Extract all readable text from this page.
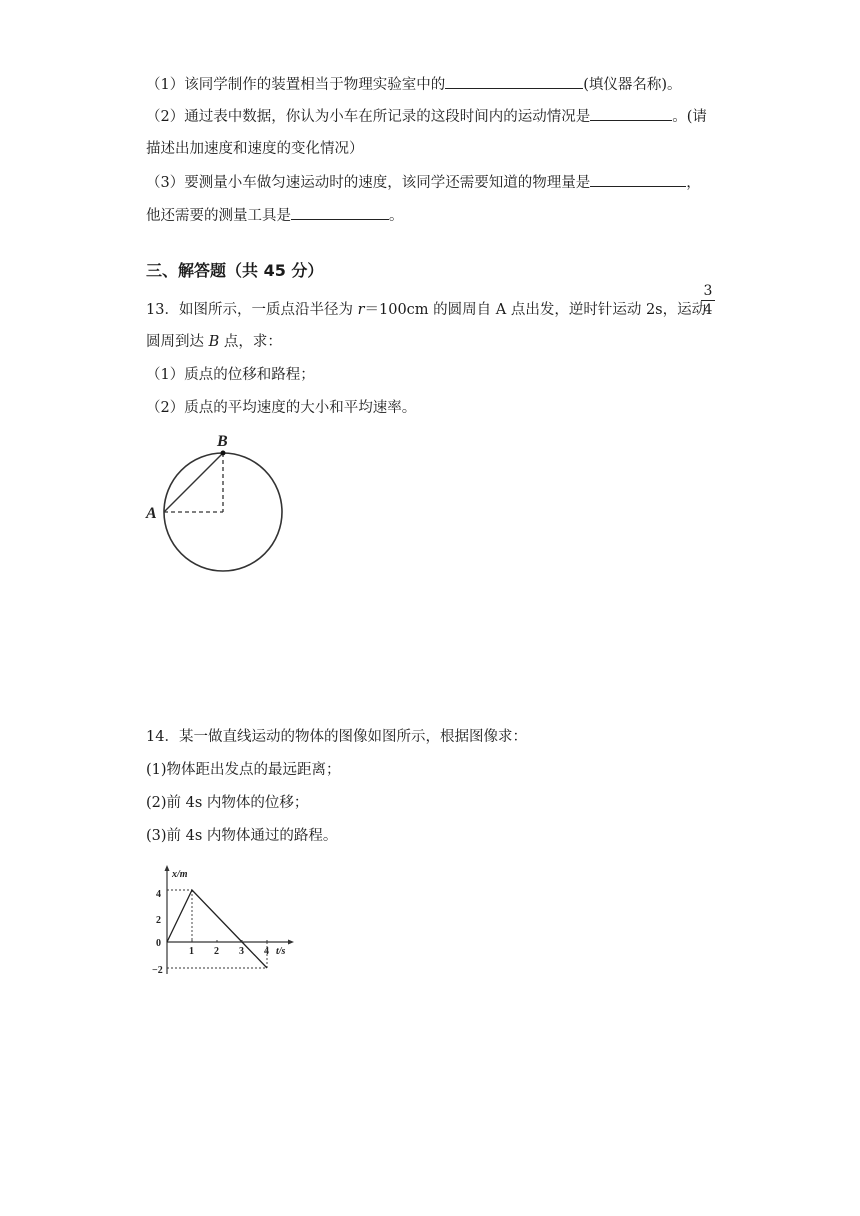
（1）该同学制作的装置相当于物理实验室中的	(填仪器名称)。
（2）通过表中数据，你认为小车在所记录的这段时间内的运动情况是	。(请
描述出加速度和速度的变化情况）
（3）要测量小车做匀速运动时的速度，该同学还需要知道的物理量是	，
他还需要的测量工具是	。
三、解答题（共 45 分）
13．如图所示，一质点沿半径为 r＝100cm 的圆周自 A 点出发，逆时针运动 2s，运动
3
4
圆周到达 B 点，求：
（1）质点的位移和路程；
（2）质点的平均速度的大小和平均速率。
A
B
14．某一做直线运动的物体的图像如图所示，根据图像求：
(1)物体距出发点的最远距离；
(2)前 4s 内物体的位移；
(3)前 4s 内物体通过的路程。
x/m
t/s
4
2
0
−2
1 2 3 4
